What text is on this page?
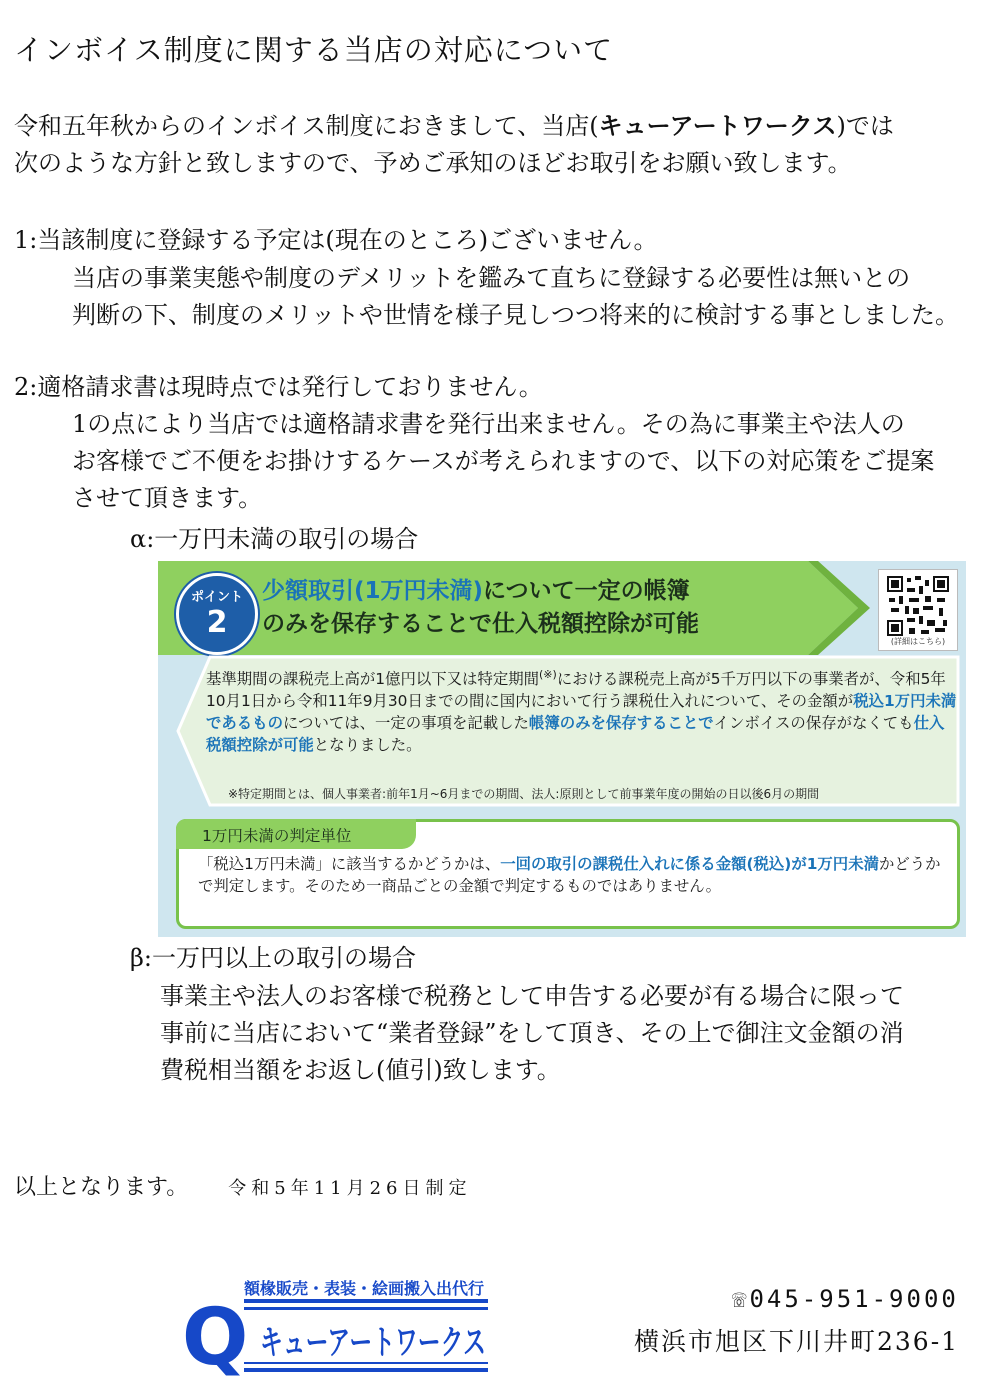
インボイス制度に関する当店の対応について
令和五年秋からのインボイス制度におきまして、当店(キューアートワークス)では
次のような方針と致しますので、予めご承知のほどお取引をお願い致します。
1:当該制度に登録する予定は(現在のところ)ございません。
当店の事業実態や制度のデメリットを鑑みて直ちに登録する必要性は無いとの
判断の下、制度のメリットや世情を様子見しつつ将来的に検討する事としました。
2:適格請求書は現時点では発行しておりません。
1の点により当店では適格請求書を発行出来ません。その為に事業主や法人の
お客様でご不便をお掛けするケースが考えられますので、以下の対応策をご提案
させて頂きます。
α:一万円未満の取引の場合
ポイント
2
少額取引(1万円未満)について一定の帳簿
のみを保存することで仕入税額控除が可能
(詳細はこちら)
基準期間の課税売上高が1億円以下又は特定期間(※)における課税売上高が5千万円以下の事業者が、令和5年10月1日から令和11年9月30日までの間に国内において行う課税仕入れについて、その金額が税込1万円未満であるものについては、一定の事項を記載した帳簿のみを保存することでインボイスの保存がなくても仕入税額控除が可能となりました。
※特定期間とは、個人事業者:前年1月~6月までの期間、法人:原則として前事業年度の開始の日以後6月の期間
1万円未満の判定単位
「税込1万円未満」に該当するかどうかは、一回の取引の課税仕入れに係る金額(税込)が1万円未満かどうかで判定します。そのため一商品ごとの金額で判定するものではありません。
β:一万円以上の取引の場合
事業主や法人のお客様で税務として申告する必要が有る場合に限って
事前に当店において“業者登録”をして頂き、その上で御注文金額の消
費税相当額をお返し(値引)致します。
以上となります。 令和5年11月26日制定
額椽販売・表装・絵画搬入出代行
Q キューアートワークス
☏045-951-9000
横浜市旭区下川井町236-1
